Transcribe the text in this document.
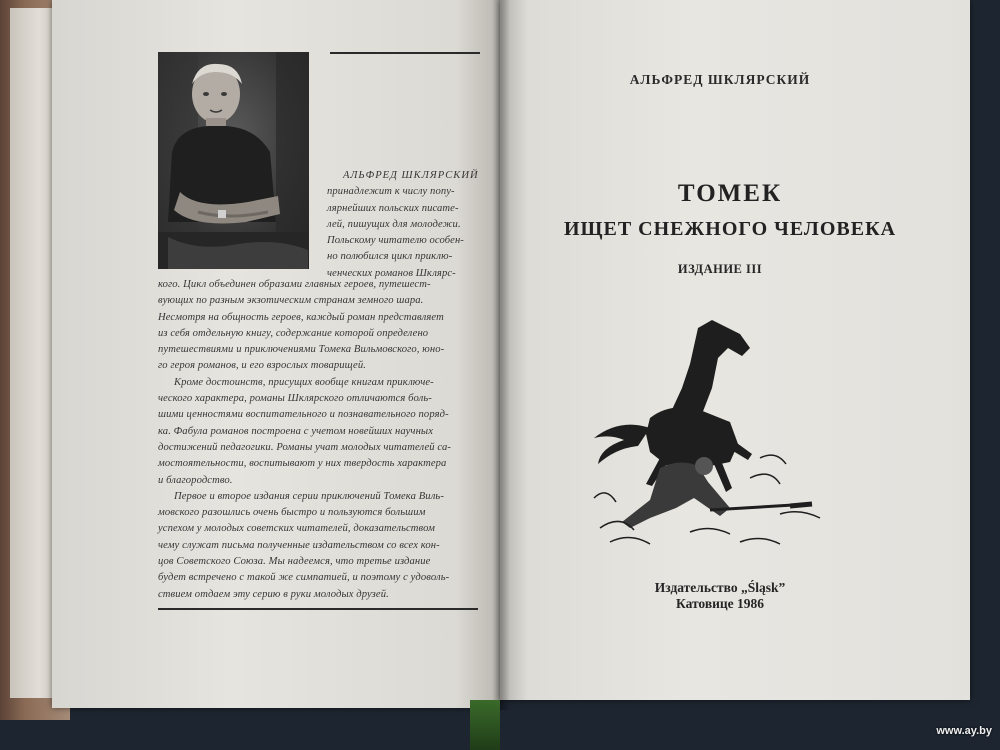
АЛЬФРЕД ШКЛЯРСКИЙ

принадлежит к числу попу-

лярнейших польских писате-

лей, пишущих для молодежи.

Польскому читателю особен-

но полюбился цикл приклю-

ченческих романов Шклярс-

кого. Цикл объединен образами главных героев, путешест-

вующих по разным экзотическим странам земного шара.

Несмотря на общность героев, каждый роман представляет

из себя отдельную книгу, содержание которой определено

путешествиями и приключениями Томека Вильмовского, юно-

го героя романов, и его взрослых товарищей.

Кроме достоинств, присущих вообще книгам приключе-

ческого характера, романы Шклярского отличаются боль-

шими ценностями воспитательного и познавательного поряд-

ка. Фабула романов построена с учетом новейших научных

достижений педагогики. Романы учат молодых читателей са-

мостоятельности, воспитывают у них твердость характера

и благородство.

Первое и второе издания серии приключений Томека Виль-

мовского разошлись очень быстро и пользуются большим

успехом у молодых советских читателей, доказательством

чему служат письма полученные издательством со всех кон-

цов Советского Союза. Мы надеемся, что третье издание

будет встречено с такой же симпатией, и поэтому с удоволь-

ствием отдаем эту серию в руки молодых друзей.

АЛЬФРЕД ШКЛЯРСКИЙ
ТОМЕК
ИЩЕТ СНЕЖНОГО ЧЕЛОВЕКА
ИЗДАНИЕ III
Издательство „Śląsk”
Катовице 1986
www.ay.by
